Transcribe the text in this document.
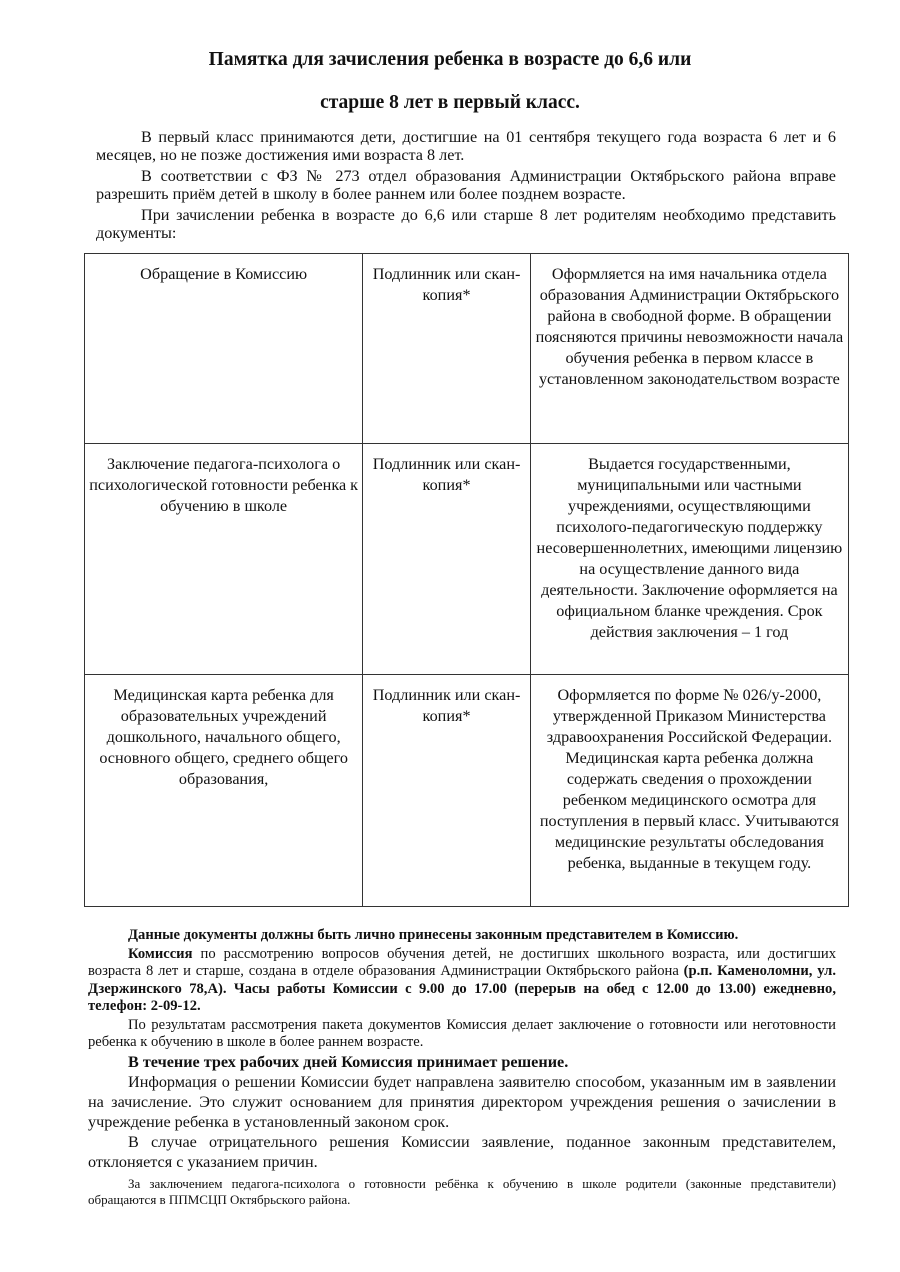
Памятка для зачисления ребенка в возрасте до 6,6 или
старше 8 лет в первый класс.

В первый класс принимаются дети, достигшие на 01 сентября текущего года возраста 6 лет и 6 месяцев, но не позже достижения ими возраста 8 лет.

В соответствии с ФЗ № 273 отдел образования Администрации Октябрьского района вправе разрешить приём детей в школу в более раннем или более позднем возрасте.

При зачислении ребенка в возрасте до 6,6 или старше 8 лет родителям необходимо представить документы:

Обращение в Комиссию	Подлинник или скан-копия*	Оформляется на имя начальника отдела образования Администрации Октябрьского района в свободной форме. В обращении поясняются причины невозможности начала обучения ребенка в первом классе в установленном законодательством возрасте
Заключение педагога-психолога о психологической готовности ребенка к обучению в школе	Подлинник или скан-копия*	Выдается государственными, муниципальными или частными учреждениями, осуществляющими психолого-педагогическую поддержку несовершеннолетних, имеющими лицензию на осуществление данного вида деятельности. Заключение оформляется на официальном бланке чреждения. Срок действия заключения – 1 год
Медицинская карта ребенка для образовательных учреждений дошкольного, начального общего, основного общего, среднего общего образования,	Подлинник или скан-копия*	Оформляется по форме № 026/у-2000, утвержденной Приказом Министерства здравоохранения Российской Федерации. Медицинская карта ребенка должна содержать сведения о прохождении ребенком медицинского осмотра для поступления в первый класс. Учитываются медицинские результаты обследования ребенка, выданные в текущем году.

Данные документы должны быть лично принесены законным представителем в Комиссию.

Комиссия по рассмотрению вопросов обучения детей, не достигших школьного возраста, или достигших возраста 8 лет и старше, создана в отделе образования Администрации Октябрьского района (р.п. Каменоломни, ул. Дзержинского 78,А). Часы работы Комиссии с 9.00 до 17.00 (перерыв на обед с 12.00 до 13.00) ежедневно, телефон: 2-09-12.

По результатам рассмотрения пакета документов Комиссия делает заключение о готовности или неготовности ребенка к обучению в школе в более раннем возрасте.

В течение трех рабочих дней Комиссия принимает решение.

Информация о решении Комиссии будет направлена заявителю способом, указанным им в заявлении на зачисление. Это служит основанием для принятия директором учреждения решения о зачислении в учреждение ребенка в установленный законом срок.

В случае отрицательного решения Комиссии заявление, поданное законным представителем, отклоняется с указанием причин.

За заключением педагога-психолога о готовности ребёнка к обучению в школе родители (законные представители) обращаются в ППМСЦП Октябрьского района.
